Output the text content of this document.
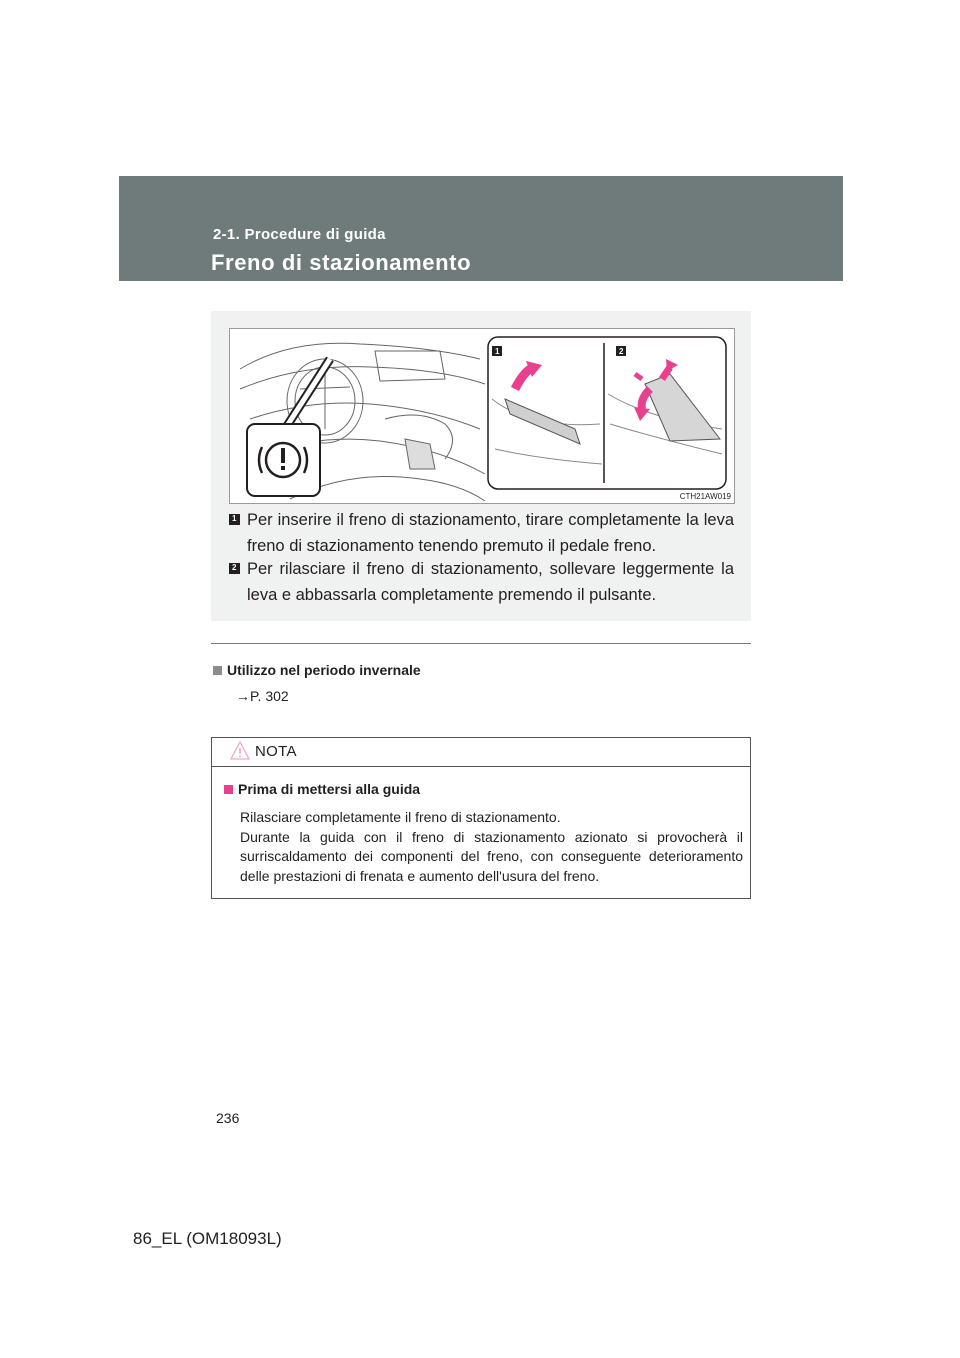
2-1. Procedure di guida
Freno di stazionamento
1	2
CTH21AW019
1 Per inserire il freno di stazionamento, tirare completamente la leva freno di stazionamento tenendo premuto il pedale freno.
2 Per rilasciare il freno di stazionamento, sollevare leggermente la leva e abbassarla completamente premendo il pulsante.
Utilizzo nel periodo invernale
→P. 302
NOTA
Prima di mettersi alla guida

Rilasciare completamente il freno di stazionamento.

Durante la guida con il freno di stazionamento azionato si provocherà il surriscaldamento dei componenti del freno, con conseguente deterioramento delle prestazioni di frenata e aumento dell'usura del freno.

236
86_EL (OM18093L)
